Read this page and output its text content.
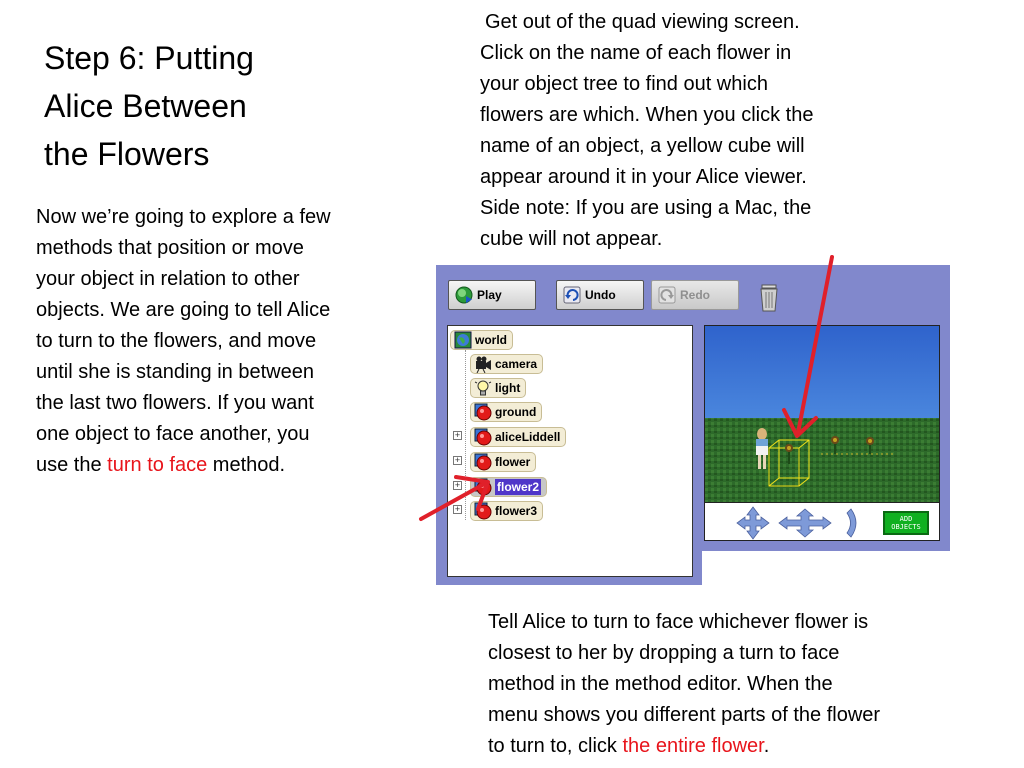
Step 6: Putting
Alice Between
the Flowers
Now we’re going to explore a few methods that position or move your object in relation to other objects. We are going to tell Alice to turn to the flowers, and move until she is standing in between the last two flowers. If you want one object to face another, you use the turn to face method.
Get out of the quad viewing screen.
Click on the name of each flower in
your object tree to find out which
flowers are which. When you click the
name of an object, a yellow cube will
appear around it in your Alice viewer.
Side note: If you are using a Mac, the
cube will not appear.
Play	Undo	Redo
world
camera
light
ground
+	aliceLiddell
+	flower
+	flower2
+	flower3
ADD
OBJECTS
Tell Alice to turn to face whichever flower is
closest to her by dropping a turn to face
method in the method editor. When the
menu shows you different parts of the flower
to turn to, click the entire flower.
